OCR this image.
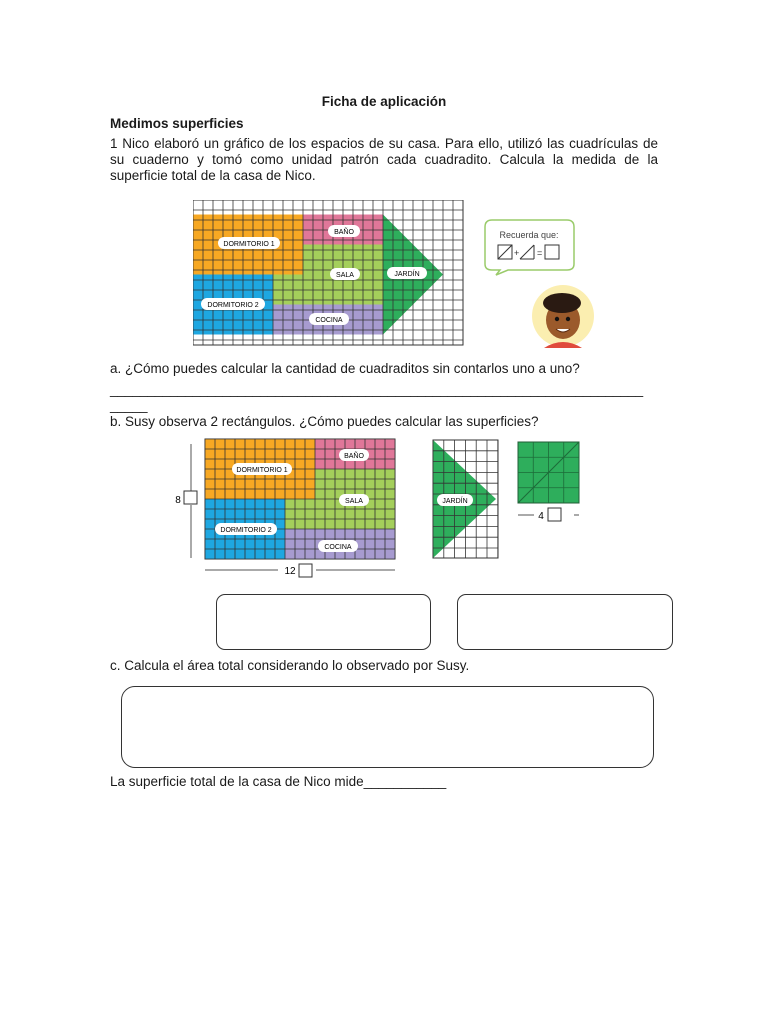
Ficha de aplicación
Medimos superficies
1 Nico elaboró un gráfico de los espacios de su casa. Para ello, utilizó las cuadrículas de su cuaderno y tomó como unidad patrón cada cuadradito. Calcula la medida de la superficie total de la casa de Nico.
DORMITORIO 1
BAÑO
SALA	JARDÍN
DORMITORIO 2
COCINA
Recuerda que:
+ =
a. ¿Cómo puedes calcular la cantidad de cuadraditos sin contarlos uno a uno?
_______________________________________________________________________
_____
b. Susy observa 2 rectángulos. ¿Cómo puedes calcular las superficies?
DORMITORIO 1
BAÑO
SALA
DORMITORIO 2
COCINA
8
12
JARDÍN
4
c. Calcula el área total considerando lo observado por Susy.
La superficie total de la casa de Nico mide___________
